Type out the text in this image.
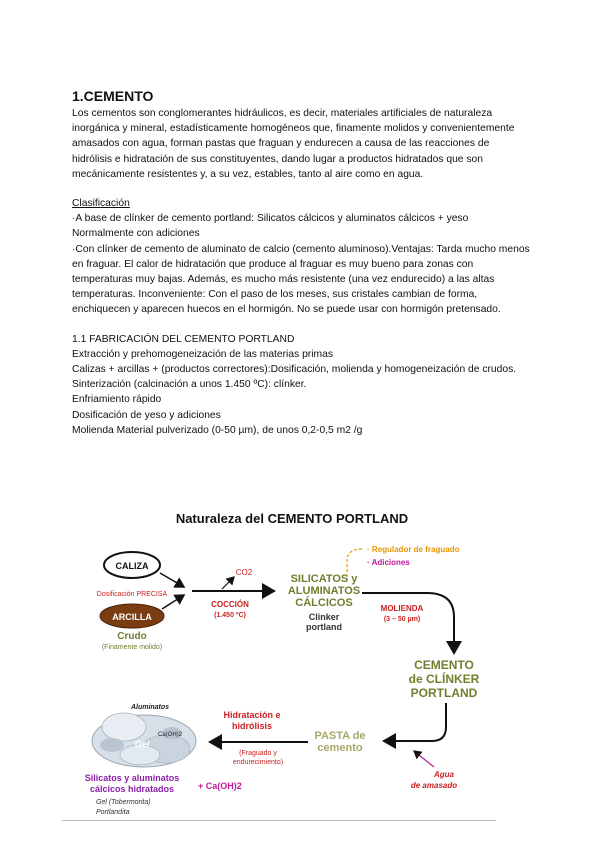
1.CEMENTO

Los cementos son conglomerantes hidráulicos, es decir, materiales artificiales de naturaleza inorgánica y mineral, estadísticamente homogéneos que, finamente molidos y convenientemente amasados con agua, forman pastas que fraguan y endurecen a causa de las reacciones de hidrólisis e hidratación de sus constituyentes, dando lugar a productos hidratados que son mecánicamente resistentes y, a su vez, estables, tanto al aire como en agua.

Clasificación

·A base de clínker de cemento portland: Silicatos cálcicos y aluminatos cálcicos + yeso

Normalmente con adiciones

·Con clínker de cemento de aluminato de calcio (cemento aluminoso).Ventajas: Tarda mucho menos en fraguar. El calor de hidratación que produce al fraguar es muy bueno para zonas con temperaturas muy bajas. Además, es mucho más resistente (una vez endurecido) a las altas temperaturas. Inconveniente: Con el paso de los meses, sus cristales cambian de forma, enchiquecen y aparecen huecos en el hormigón. No se puede usar con hormigón pretensado.

1.1 FABRICACIÓN DEL CEMENTO PORTLAND

Extracción y prehomogeneización de las materias primas

Calizas + arcillas + (productos correctores):Dosificación, molienda y homogeneización de crudos.

Sinterización (calcinación a unos 1.450 ºC): clínker.

Enfriamiento rápido

Dosificación de yeso y adiciones

Molienda Material pulverizado (0-50 µm), de unos 0,2-0,5 m2 /g

Naturaleza del CEMENTO PORTLAND
CALIZA
Dosificación PRECISA
ARCILLA
Crudo
(Finamente molido)
CO2
COCCIÓN
(1.450 ºC)
SILICATOS y
ALUMINATOS
CÁLCICOS
Clinker
portland
· Regulador de fraguado
· Adiciones
MOLIENDA
(3 – 50 µm)
CEMENTO
de CLÍNKER
PORTLAND
PASTA de
cemento
Agua
de amasado
Hidratación e
hidrólisis
(Fraguado y
endurecimiento)
Aluminatos
Ca(OH)2
Gel
Silicatos y aluminatos
cálcicos hidratados	+ Ca(OH)2
Gel (Tobermorita)
Portlandita
